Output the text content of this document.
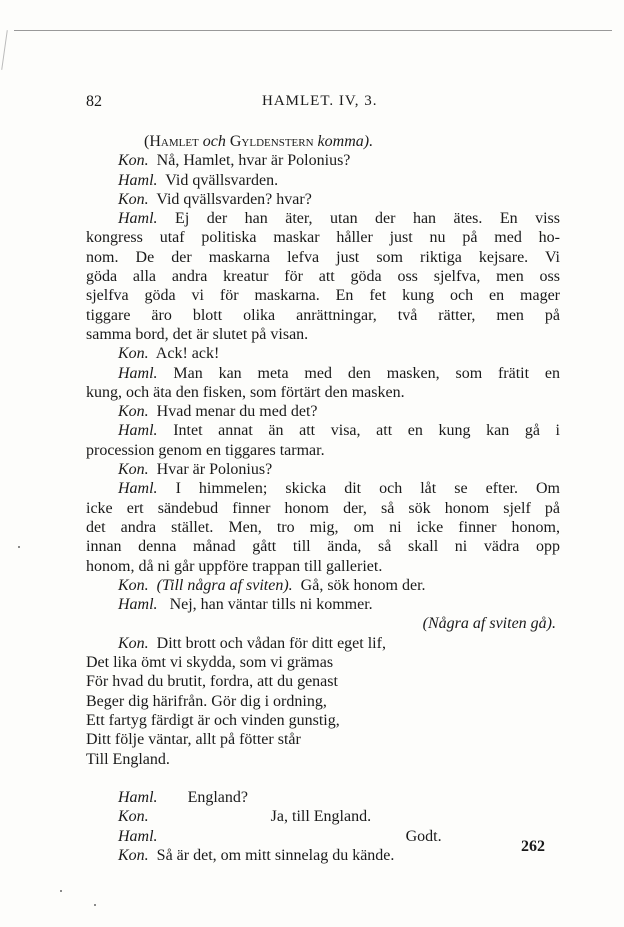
82	HAMLET. IV, 3.
(Hamlet och Gyldenstern komma).
Kon. Nå, Hamlet, hvar är Polonius?
Haml. Vid qvällsvarden.
Kon. Vid qvällsvarden? hvar?
Haml. Ej der han äter, utan der han ätes. En viss
kongress utaf politiska maskar håller just nu på med ho-
nom. De der maskarna lefva just som riktiga kejsare. Vi
göda alla andra kreatur för att göda oss sjelfva, men oss
sjelfva göda vi för maskarna. En fet kung och en mager
tiggare äro blott olika anrättningar, två rätter, men på
samma bord, det är slutet på visan.
Kon. Ack! ack!
Haml. Man kan meta med den masken, som frätit en
kung, och äta den fisken, som förtärt den masken.
Kon. Hvad menar du med det?
Haml. Intet annat än att visa, att en kung kan gå i
procession genom en tiggares tarmar.
Kon. Hvar är Polonius?
Haml. I himmelen; skicka dit och låt se efter. Om
icke ert sändebud finner honom der, så sök honom sjelf på
det andra stället. Men, tro mig, om ni icke finner honom,
innan denna månad gått till ända, så skall ni vädra opp
honom, då ni går uppföre trappan till galleriet.
Kon. (Till några af sviten). Gå, sök honom der.
Haml. Nej, han väntar tills ni kommer.
(Några af sviten gå).
Kon. Ditt brott och vådan för ditt eget lif,
Det lika ömt vi skydda, som vi grämas
För hvad du brutit, fordra, att du genast
Beger dig härifrån. Gör dig i ordning,
Ett fartyg färdigt är och vinden gunstig,
Ditt följe väntar, allt på fötter står
Till England.
Haml. England?
Kon.	Ja, till England.
Haml.	Godt.
Kon. Så är det, om mitt sinnelag du kände.
262
